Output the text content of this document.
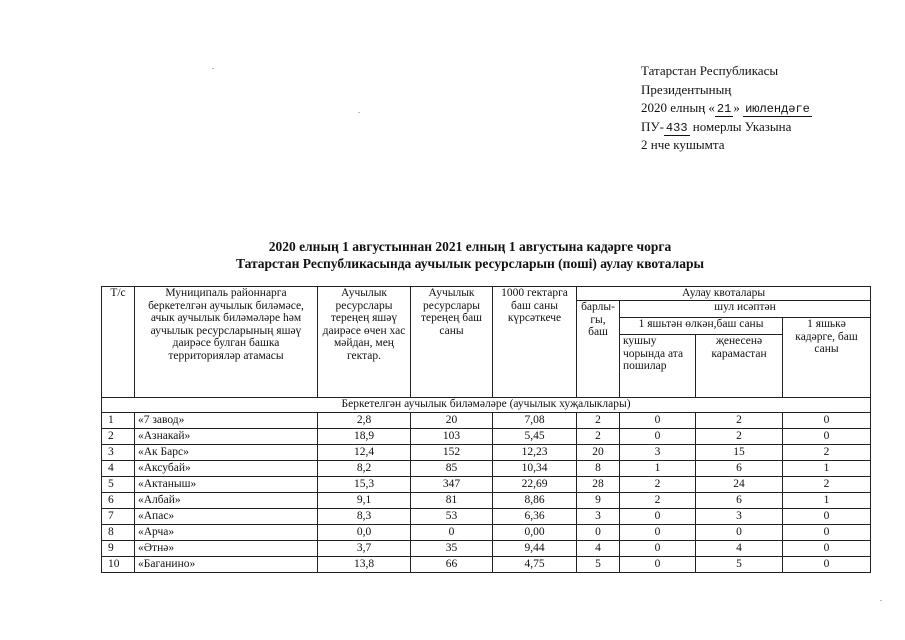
Татарстан Республикасы
Президентының
2020 елның « 21 » июлендәге
ПУ- 433 номерлы Указына
2 нче кушымта
2020 елның 1 августыннан 2021 елның 1 августына кадәрге чорга
Татарстан Республикасында аучылык ресурсларын (пошi) аулау квоталары
Т/с	Муниципаль районнарга беркетелгән аучылык биләмәсе, ачык аучылык биләмәләре һәм аучылык ресурсларының яшәү даирәсе булган башка территорияләр атамасы	Аучылык ресурслары тереңең яшәү даирәсе өчен хас мәйдан, мең гектар.	Аучылык ресурслары тереңең баш саны	1000 гектарга баш саны күрсәткече	Аулау квоталары			
					барлы-гы, баш	шул исәптән		
						1 яшьтән өлкән,баш саны		1 яшькә кадәрге, баш саны
						кушыу чорында ата пошилар	җенесенә карамастан	
Беркетелгән аучылык биләмәләре (аучылык хуҗалыклары)								
1	«7 завод»	2,8	20	7,08	2	0	2	0
2	«Азнакай»	18,9	103	5,45	2	0	2	0
3	«Ак Барс»	12,4	152	12,23	20	3	15	2
4	«Аксубай»	8,2	85	10,34	8	1	6	1
5	«Актаныш»	15,3	347	22,69	28	2	24	2
6	«Албай»	9,1	81	8,86	9	2	6	1
7	«Апас»	8,3	53	6,36	3	0	3	0
8	«Арча»	0,0	0	0,00	0	0	0	0
9	«Әтнә»	3,7	35	9,44	4	0	4	0
10	«Баганино»	13,8	66	4,75	5	0	5	0
